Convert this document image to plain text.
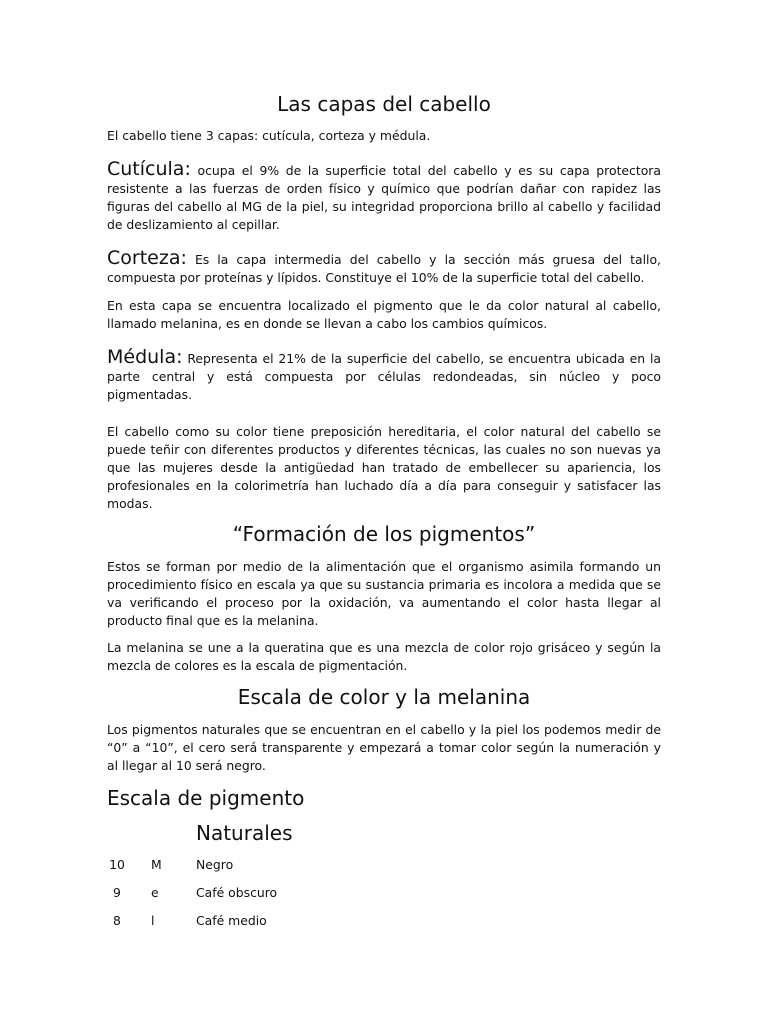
Las capas del cabello

El cabello tiene 3 capas: cutícula, corteza y médula.

Cutícula: ocupa el 9% de la superficie total del cabello y es su capa protectora resistente a las fuerzas de orden físico y químico que podrían dañar con rapidez las figuras del cabello al MG de la piel, su integridad proporciona brillo al cabello y facilidad de deslizamiento al cepillar.

Corteza: Es la capa intermedia del cabello y la sección más gruesa del tallo, compuesta por proteínas y lípidos. Constituye el 10% de la superficie total del cabello.

En esta capa se encuentra localizado el pigmento que le da color natural al cabello, llamado melanina, es en donde se llevan a cabo los cambios químicos.

Médula: Representa el 21% de la superficie del cabello, se encuentra ubicada en la parte central y está compuesta por células redondeadas, sin núcleo y poco pigmentadas.

El cabello como su color tiene preposición hereditaria, el color natural del cabello se puede teñir con diferentes productos y diferentes técnicas, las cuales no son nuevas ya que las mujeres desde la antigüedad han tratado de embellecer su apariencia, los profesionales en la colorimetría han luchado día a día para conseguir y satisfacer las modas.

“Formación de los pigmentos”

Estos se forman por medio de la alimentación que el organismo asimila formando un procedimiento físico en escala ya que su sustancia primaria es incolora a medida que se va verificando el proceso por la oxidación, va aumentando el color hasta llegar al producto final que es la melanina.

La melanina se une a la queratina que es una mezcla de color rojo grisáceo y según la mezcla de colores es la escala de pigmentación.

Escala de color y la melanina

Los pigmentos naturales que se encuentran en el cabello y la piel los podemos medir de “0” a “10”, el cero será transparente y empezará a tomar color según la numeración y al llegar al 10 será negro.

Escala de pigmento
Naturales
10 M	Negro
9	e	Café obscuro
8	l	Café medio
